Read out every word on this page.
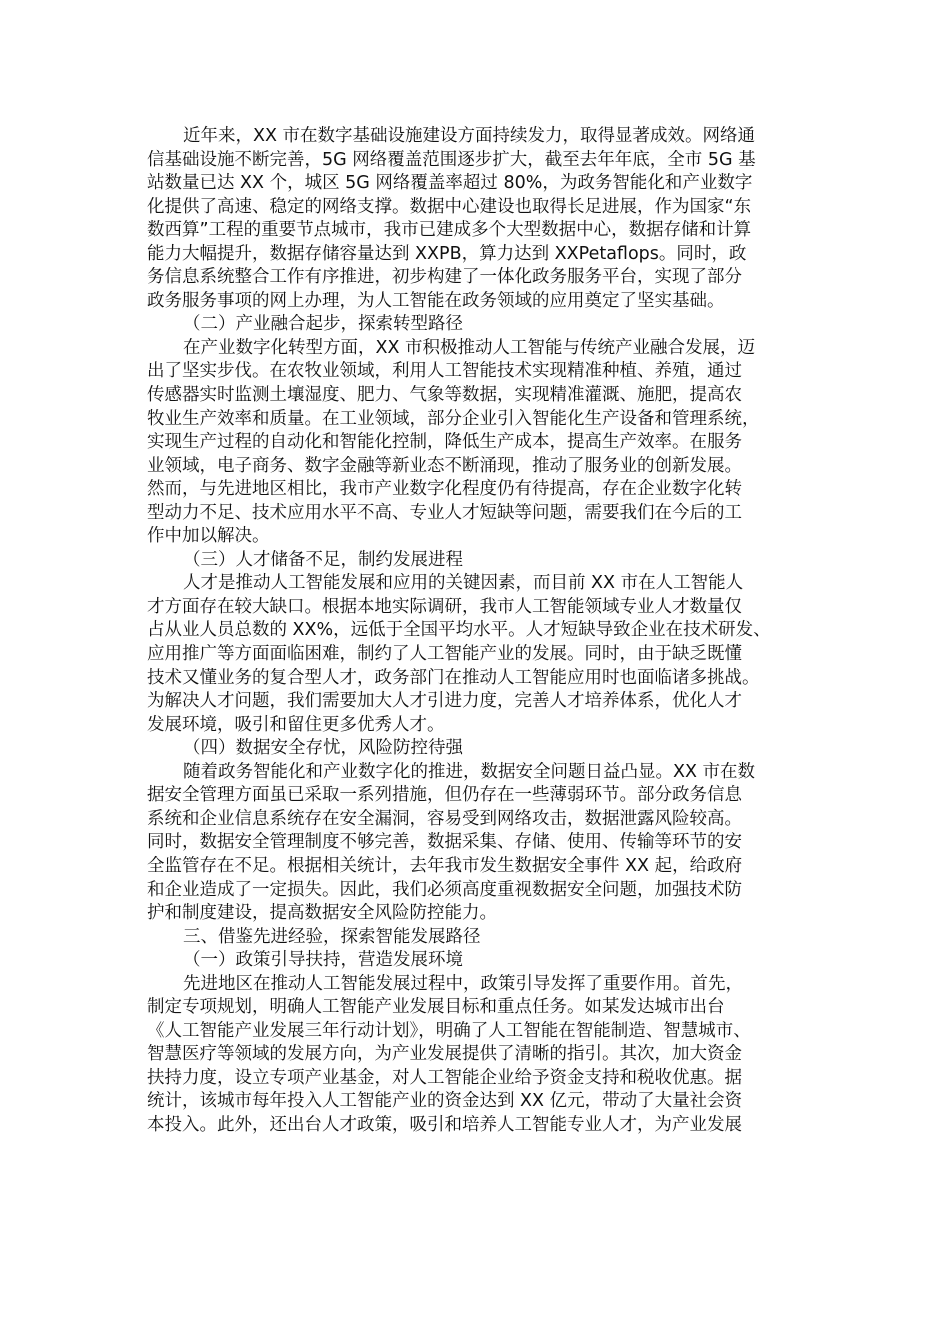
近年来，XX 市在数字基础设施建设方面持续发力，取得显著成效。网络通
信基础设施不断完善，5G 网络覆盖范围逐步扩大，截至去年年底，全市 5G 基
站数量已达 XX 个，城区 5G 网络覆盖率超过 80%，为政务智能化和产业数字
化提供了高速、稳定的网络支撑。数据中心建设也取得长足进展，作为国家“东
数西算”工程的重要节点城市，我市已建成多个大型数据中心，数据存储和计算
能力大幅提升，数据存储容量达到 XXPB，算力达到 XXPetaflops。同时，政
务信息系统整合工作有序推进，初步构建了一体化政务服务平台，实现了部分
政务服务事项的网上办理，为人工智能在政务领域的应用奠定了坚实基础。
（二）产业融合起步，探索转型路径
在产业数字化转型方面，XX 市积极推动人工智能与传统产业融合发展，迈
出了坚实步伐。在农牧业领域，利用人工智能技术实现精准种植、养殖，通过
传感器实时监测土壤湿度、肥力、气象等数据，实现精准灌溉、施肥，提高农
牧业生产效率和质量。在工业领域，部分企业引入智能化生产设备和管理系统，
实现生产过程的自动化和智能化控制，降低生产成本，提高生产效率。在服务
业领域，电子商务、数字金融等新业态不断涌现，推动了服务业的创新发展。
然而，与先进地区相比，我市产业数字化程度仍有待提高，存在企业数字化转
型动力不足、技术应用水平不高、专业人才短缺等问题，需要我们在今后的工
作中加以解决。
（三）人才储备不足，制约发展进程
人才是推动人工智能发展和应用的关键因素，而目前 XX 市在人工智能人
才方面存在较大缺口。根据本地实际调研，我市人工智能领域专业人才数量仅
占从业人员总数的 XX%，远低于全国平均水平。人才短缺导致企业在技术研发、
应用推广等方面面临困难，制约了人工智能产业的发展。同时，由于缺乏既懂
技术又懂业务的复合型人才，政务部门在推动人工智能应用时也面临诸多挑战。
为解决人才问题，我们需要加大人才引进力度，完善人才培养体系，优化人才
发展环境，吸引和留住更多优秀人才。
（四）数据安全存忧，风险防控待强
随着政务智能化和产业数字化的推进，数据安全问题日益凸显。XX 市在数
据安全管理方面虽已采取一系列措施，但仍存在一些薄弱环节。部分政务信息
系统和企业信息系统存在安全漏洞，容易受到网络攻击，数据泄露风险较高。
同时，数据安全管理制度不够完善，数据采集、存储、使用、传输等环节的安
全监管存在不足。根据相关统计，去年我市发生数据安全事件 XX 起，给政府
和企业造成了一定损失。因此，我们必须高度重视数据安全问题，加强技术防
护和制度建设，提高数据安全风险防控能力。
三、借鉴先进经验，探索智能发展路径
（一）政策引导扶持，营造发展环境
先进地区在推动人工智能发展过程中，政策引导发挥了重要作用。首先，
制定专项规划，明确人工智能产业发展目标和重点任务。如某发达城市出台
《人工智能产业发展三年行动计划》，明确了人工智能在智能制造、智慧城市、
智慧医疗等领域的发展方向，为产业发展提供了清晰的指引。其次，加大资金
扶持力度，设立专项产业基金，对人工智能企业给予资金支持和税收优惠。据
统计，该城市每年投入人工智能产业的资金达到 XX 亿元，带动了大量社会资
本投入。此外，还出台人才政策，吸引和培养人工智能专业人才，为产业发展
